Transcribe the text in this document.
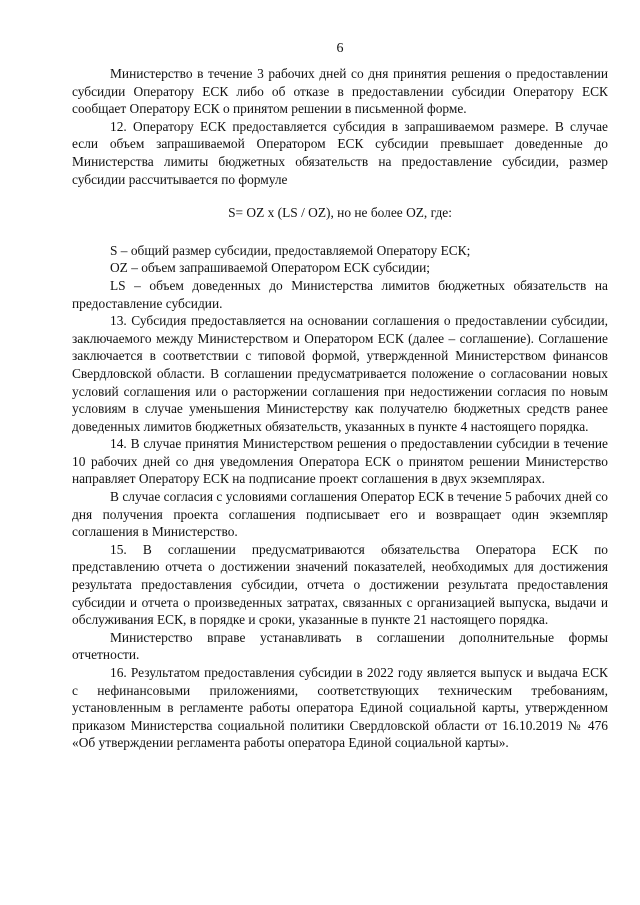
6

Министерство в течение 3 рабочих дней со дня принятия решения о предоставлении субсидии Оператору ЕСК либо об отказе в предоставлении субсидии Оператору ЕСК сообщает Оператору ЕСК о принятом решении в письменной форме.

12. Оператору ЕСК предоставляется субсидия в запрашиваемом размере. В случае если объем запрашиваемой Оператором ЕСК субсидии превышает доведенные до Министерства лимиты бюджетных обязательств на предоставление субсидии, размер субсидии рассчитывается по формуле

S= OZ x (LS / OZ), но не более OZ, где:

S – общий размер субсидии, предоставляемой Оператору ЕСК;

OZ – объем запрашиваемой Оператором ЕСК субсидии;

LS – объем доведенных до Министерства лимитов бюджетных обязательств на предоставление субсидии.

13. Субсидия предоставляется на основании соглашения о предоставлении субсидии, заключаемого между Министерством и Оператором ЕСК (далее – соглашение). Соглашение заключается в соответствии с типовой формой, утвержденной Министерством финансов Свердловской области. В соглашении предусматривается положение о согласовании новых условий соглашения или о расторжении соглашения при недостижении согласия по новым условиям в случае уменьшения Министерству как получателю бюджетных средств ранее доведенных лимитов бюджетных обязательств, указанных в пункте 4 настоящего порядка.

14. В случае принятия Министерством решения о предоставлении субсидии в течение 10 рабочих дней со дня уведомления Оператора ЕСК о принятом решении Министерство направляет Оператору ЕСК на подписание проект соглашения в двух экземплярах.

В случае согласия с условиями соглашения Оператор ЕСК в течение 5 рабочих дней со дня получения проекта соглашения подписывает его и возвращает один экземпляр соглашения в Министерство.

15. В соглашении предусматриваются обязательства Оператора ЕСК по представлению отчета о достижении значений показателей, необходимых для достижения результата предоставления субсидии, отчета о достижении результата предоставления субсидии и отчета о произведенных затратах, связанных с организацией выпуска, выдачи и обслуживания ЕСК, в порядке и сроки, указанные в пункте 21 настоящего порядка.

Министерство вправе устанавливать в соглашении дополнительные формы отчетности.

16. Результатом предоставления субсидии в 2022 году является выпуск и выдача ЕСК с нефинансовыми приложениями, соответствующих техническим требованиям, установленным в регламенте работы оператора Единой социальной карты, утвержденном приказом Министерства социальной политики Свердловской области от 16.10.2019 № 476 «Об утверждении регламента работы оператора Единой социальной карты».
